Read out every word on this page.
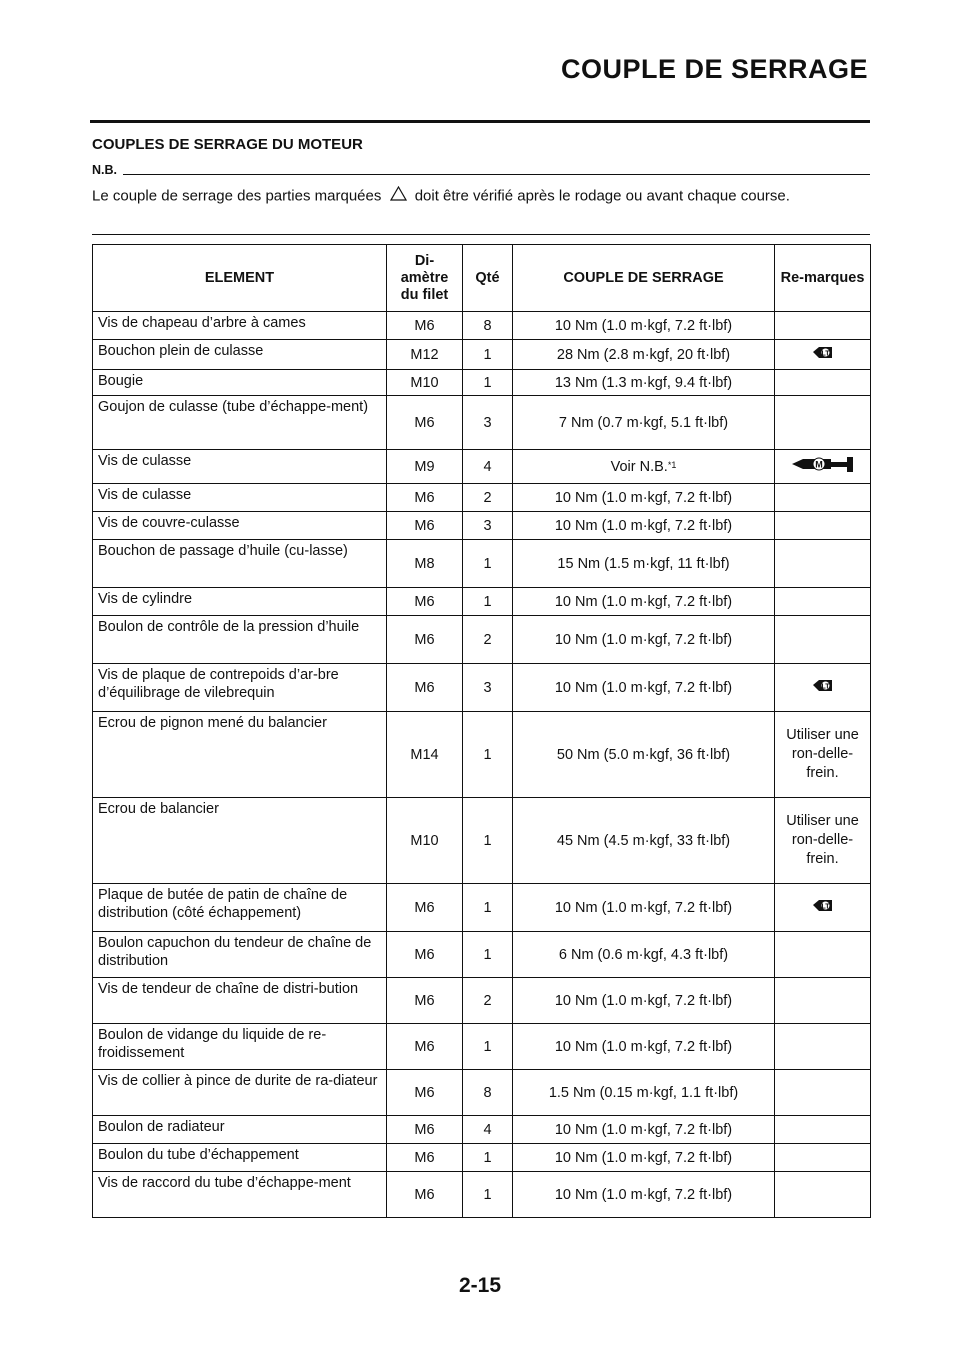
COUPLE DE SERRAGE
COUPLES DE SERRAGE DU MOTEUR
N.B.
Le couple de serrage des parties marquées doit être vérifié après le rodage ou avant chaque course.
ELEMENT	Di-amètre du filet	Qté	COUPLE DE SERRAGE	Re-marques
Vis de chapeau d’arbre à cames	M6	8	10 Nm (1.0 m·kgf, 7.2 ft·lbf)	
Bouchon plein de culasse	M12	1	28 Nm (2.8 m·kgf, 20 ft·lbf)	LT

Bougie	M10	1	13 Nm (1.3 m·kgf, 9.4 ft·lbf)	
Goujon de culasse (tube d’échappe-ment)	M6	3	7 Nm (0.7 m·kgf, 5.1 ft·lbf)	
Vis de culasse	M9	4	Voir N.B.$^{*1}$	M

Vis de culasse	M6	2	10 Nm (1.0 m·kgf, 7.2 ft·lbf)	
Vis de couvre-culasse	M6	3	10 Nm (1.0 m·kgf, 7.2 ft·lbf)	
Bouchon de passage d’huile (cu-lasse)	M8	1	15 Nm (1.5 m·kgf, 11 ft·lbf)	
Vis de cylindre	M6	1	10 Nm (1.0 m·kgf, 7.2 ft·lbf)	
Boulon de contrôle de la pression d’huile	M6	2	10 Nm (1.0 m·kgf, 7.2 ft·lbf)	
Vis de plaque de contrepoids d’ar-bre d’équilibrage de vilebrequin	M6	3	10 Nm (1.0 m·kgf, 7.2 ft·lbf)	LT

Ecrou de pignon mené du balancier	M14	1	50 Nm (5.0 m·kgf, 36 ft·lbf)	Utiliser une ron-delle-frein.

Ecrou de balancier	M10	1	45 Nm (4.5 m·kgf, 33 ft·lbf)	Utiliser une ron-delle-frein.

Plaque de butée de patin de chaîne de distribution (côté échappement)	M6	1	10 Nm (1.0 m·kgf, 7.2 ft·lbf)	LT

Boulon capuchon du tendeur de chaîne de distribution	M6	1	6 Nm (0.6 m·kgf, 4.3 ft·lbf)	
Vis de tendeur de chaîne de distri-bution	M6	2	10 Nm (1.0 m·kgf, 7.2 ft·lbf)	
Boulon de vidange du liquide de re-froidissement	M6	1	10 Nm (1.0 m·kgf, 7.2 ft·lbf)	
Vis de collier à pince de durite de ra-diateur	M6	8	1.5 Nm (0.15 m·kgf, 1.1 ft·lbf)	
Boulon de radiateur	M6	4	10 Nm (1.0 m·kgf, 7.2 ft·lbf)	
Boulon du tube d’échappement	M6	1	10 Nm (1.0 m·kgf, 7.2 ft·lbf)	
Vis de raccord du tube d’échappe-ment	M6	1	10 Nm (1.0 m·kgf, 7.2 ft·lbf)	
2-15
